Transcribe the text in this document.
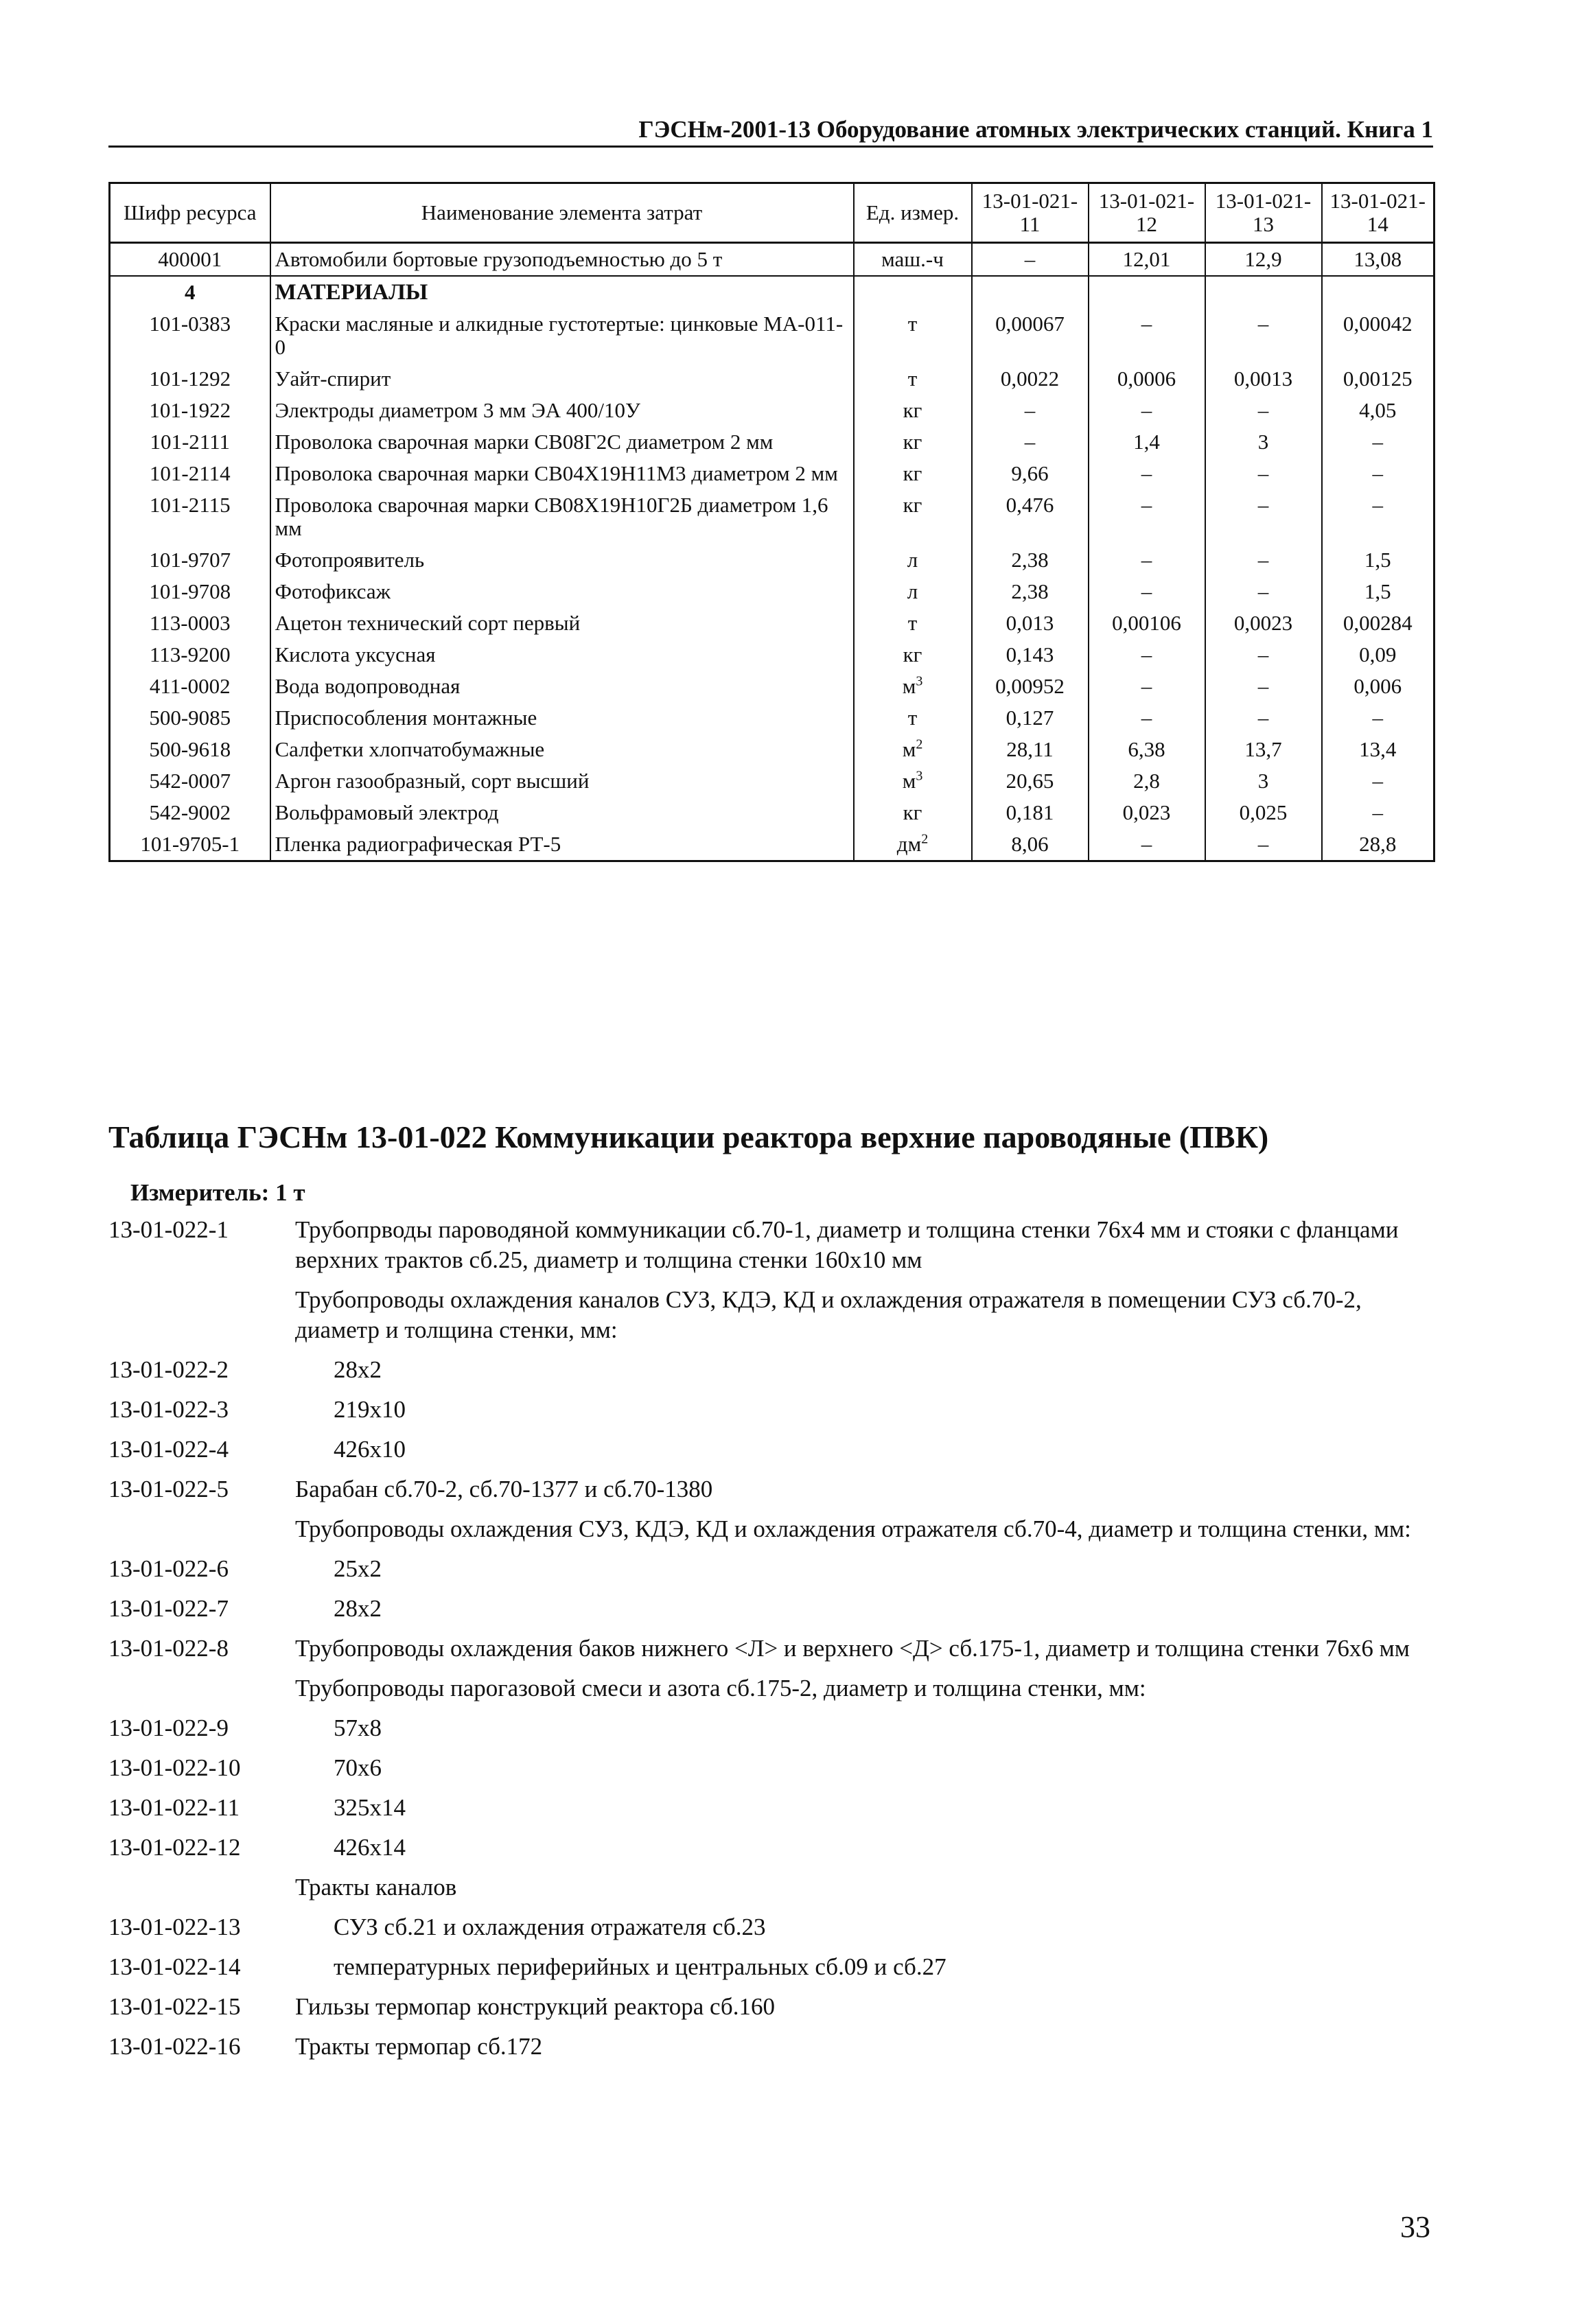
ГЭСНм-2001-13 Оборудование атомных электрических станций. Книга 1
Шифр ресурса	Наименование элемента затрат	Ед. измер.	13-01-021-11	13-01-021-12	13-01-021-13	13-01-021-14
400001	Автомобили бортовые грузоподъемностью до 5 т	маш.-ч	–	12,01	12,9	13,08
4	МАТЕРИАЛЫ					
101-0383	Краски масляные и алкидные густотертые: цинковые МА-011-0	т	0,00067	–	–	0,00042
101-1292	Уайт-спирит	т	0,0022	0,0006	0,0013	0,00125
101-1922	Электроды диаметром 3 мм ЭА 400/10У	кг	–	–	–	4,05
101-2111	Проволока сварочная марки СВ08Г2С диаметром 2 мм	кг	–	1,4	3	–
101-2114	Проволока сварочная марки СВ04Х19Н11М3 диаметром 2 мм	кг	9,66	–	–	–
101-2115	Проволока сварочная марки СВ08Х19Н10Г2Б диаметром 1,6 мм	кг	0,476	–	–	–
101-9707	Фотопроявитель	л	2,38	–	–	1,5
101-9708	Фотофиксаж	л	2,38	–	–	1,5
113-0003	Ацетон технический сорт первый	т	0,013	0,00106	0,0023	0,00284
113-9200	Кислота уксусная	кг	0,143	–	–	0,09
411-0002	Вода водопроводная	$м^3$	0,00952	–	–	0,006
500-9085	Приспособления монтажные	т	0,127	–	–	–
500-9618	Салфетки хлопчатобумажные	$м^2$	28,11	6,38	13,7	13,4
542-0007	Аргон газообразный, сорт высший	$м^3$	20,65	2,8	3	–
542-9002	Вольфрамовый электрод	кг	0,181	0,023	0,025	–
101-9705-1	Пленка радиографическая РТ-5	$дм^2$	8,06	–	–	28,8
Таблица ГЭСНм 13-01-022 Коммуникации реактора верхние пароводяные (ПВК)
Измеритель: 1 т
13-01-022-1	Трубопрводы пароводяной коммуникации сб.70-1, диаметр и толщина стенки 76х4 мм и стояки с фланцами верхних трактов сб.25, диаметр и толщина стенки 160х10 мм
Трубопроводы охлаждения каналов СУЗ, КДЭ, КД и охлаждения отражателя в помещении СУЗ сб.70-2, диаметр и толщина стенки, мм:
13-01-022-2	28х2
13-01-022-3	219х10
13-01-022-4	426х10
13-01-022-5	Барабан сб.70-2, сб.70-1377 и сб.70-1380
Трубопроводы охлаждения СУЗ, КДЭ, КД и охлаждения отражателя сб.70-4, диаметр и толщина стенки, мм:
13-01-022-6	25х2
13-01-022-7	28х2
13-01-022-8	Трубопроводы охлаждения баков нижнего <Л> и верхнего <Д> сб.175-1, диаметр и толщина стенки 76х6 мм
Трубопроводы парогазовой смеси и азота сб.175-2, диаметр и толщина стенки, мм:
13-01-022-9	57х8
13-01-022-10	70х6
13-01-022-11	325х14
13-01-022-12	426х14
Тракты каналов
13-01-022-13	СУЗ сб.21 и охлаждения отражателя сб.23
13-01-022-14	температурных периферийных и центральных сб.09 и сб.27
13-01-022-15	Гильзы термопар конструкций реактора сб.160
13-01-022-16	Тракты термопар сб.172
33
